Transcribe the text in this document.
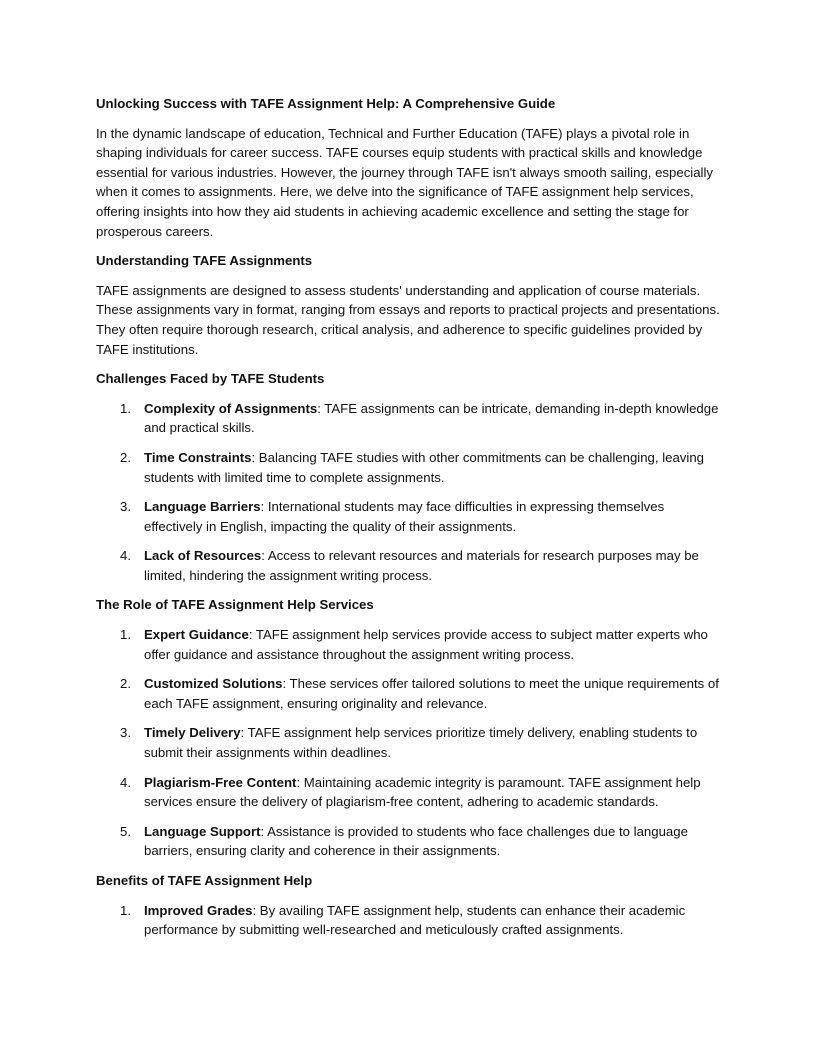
Unlocking Success with TAFE Assignment Help: A Comprehensive Guide

In the dynamic landscape of education, Technical and Further Education (TAFE) plays a pivotal role in shaping individuals for career success. TAFE courses equip students with practical skills and knowledge essential for various industries. However, the journey through TAFE isn't always smooth sailing, especially when it comes to assignments. Here, we delve into the significance of TAFE assignment help services, offering insights into how they aid students in achieving academic excellence and setting the stage for prosperous careers.

Understanding TAFE Assignments

TAFE assignments are designed to assess students' understanding and application of course materials. These assignments vary in format, ranging from essays and reports to practical projects and presentations. They often require thorough research, critical analysis, and adherence to specific guidelines provided by TAFE institutions.

Challenges Faced by TAFE Students

1. Complexity of Assignments: TAFE assignments can be intricate, demanding in-depth knowledge and practical skills.
2. Time Constraints: Balancing TAFE studies with other commitments can be challenging, leaving students with limited time to complete assignments.
3. Language Barriers: International students may face difficulties in expressing themselves effectively in English, impacting the quality of their assignments.
4. Lack of Resources: Access to relevant resources and materials for research purposes may be limited, hindering the assignment writing process.

The Role of TAFE Assignment Help Services

1. Expert Guidance: TAFE assignment help services provide access to subject matter experts who offer guidance and assistance throughout the assignment writing process.
2. Customized Solutions: These services offer tailored solutions to meet the unique requirements of each TAFE assignment, ensuring originality and relevance.
3. Timely Delivery: TAFE assignment help services prioritize timely delivery, enabling students to submit their assignments within deadlines.
4. Plagiarism-Free Content: Maintaining academic integrity is paramount. TAFE assignment help services ensure the delivery of plagiarism-free content, adhering to academic standards.
5. Language Support: Assistance is provided to students who face challenges due to language barriers, ensuring clarity and coherence in their assignments.

Benefits of TAFE Assignment Help

1. Improved Grades: By availing TAFE assignment help, students can enhance their academic performance by submitting well-researched and meticulously crafted assignments.
